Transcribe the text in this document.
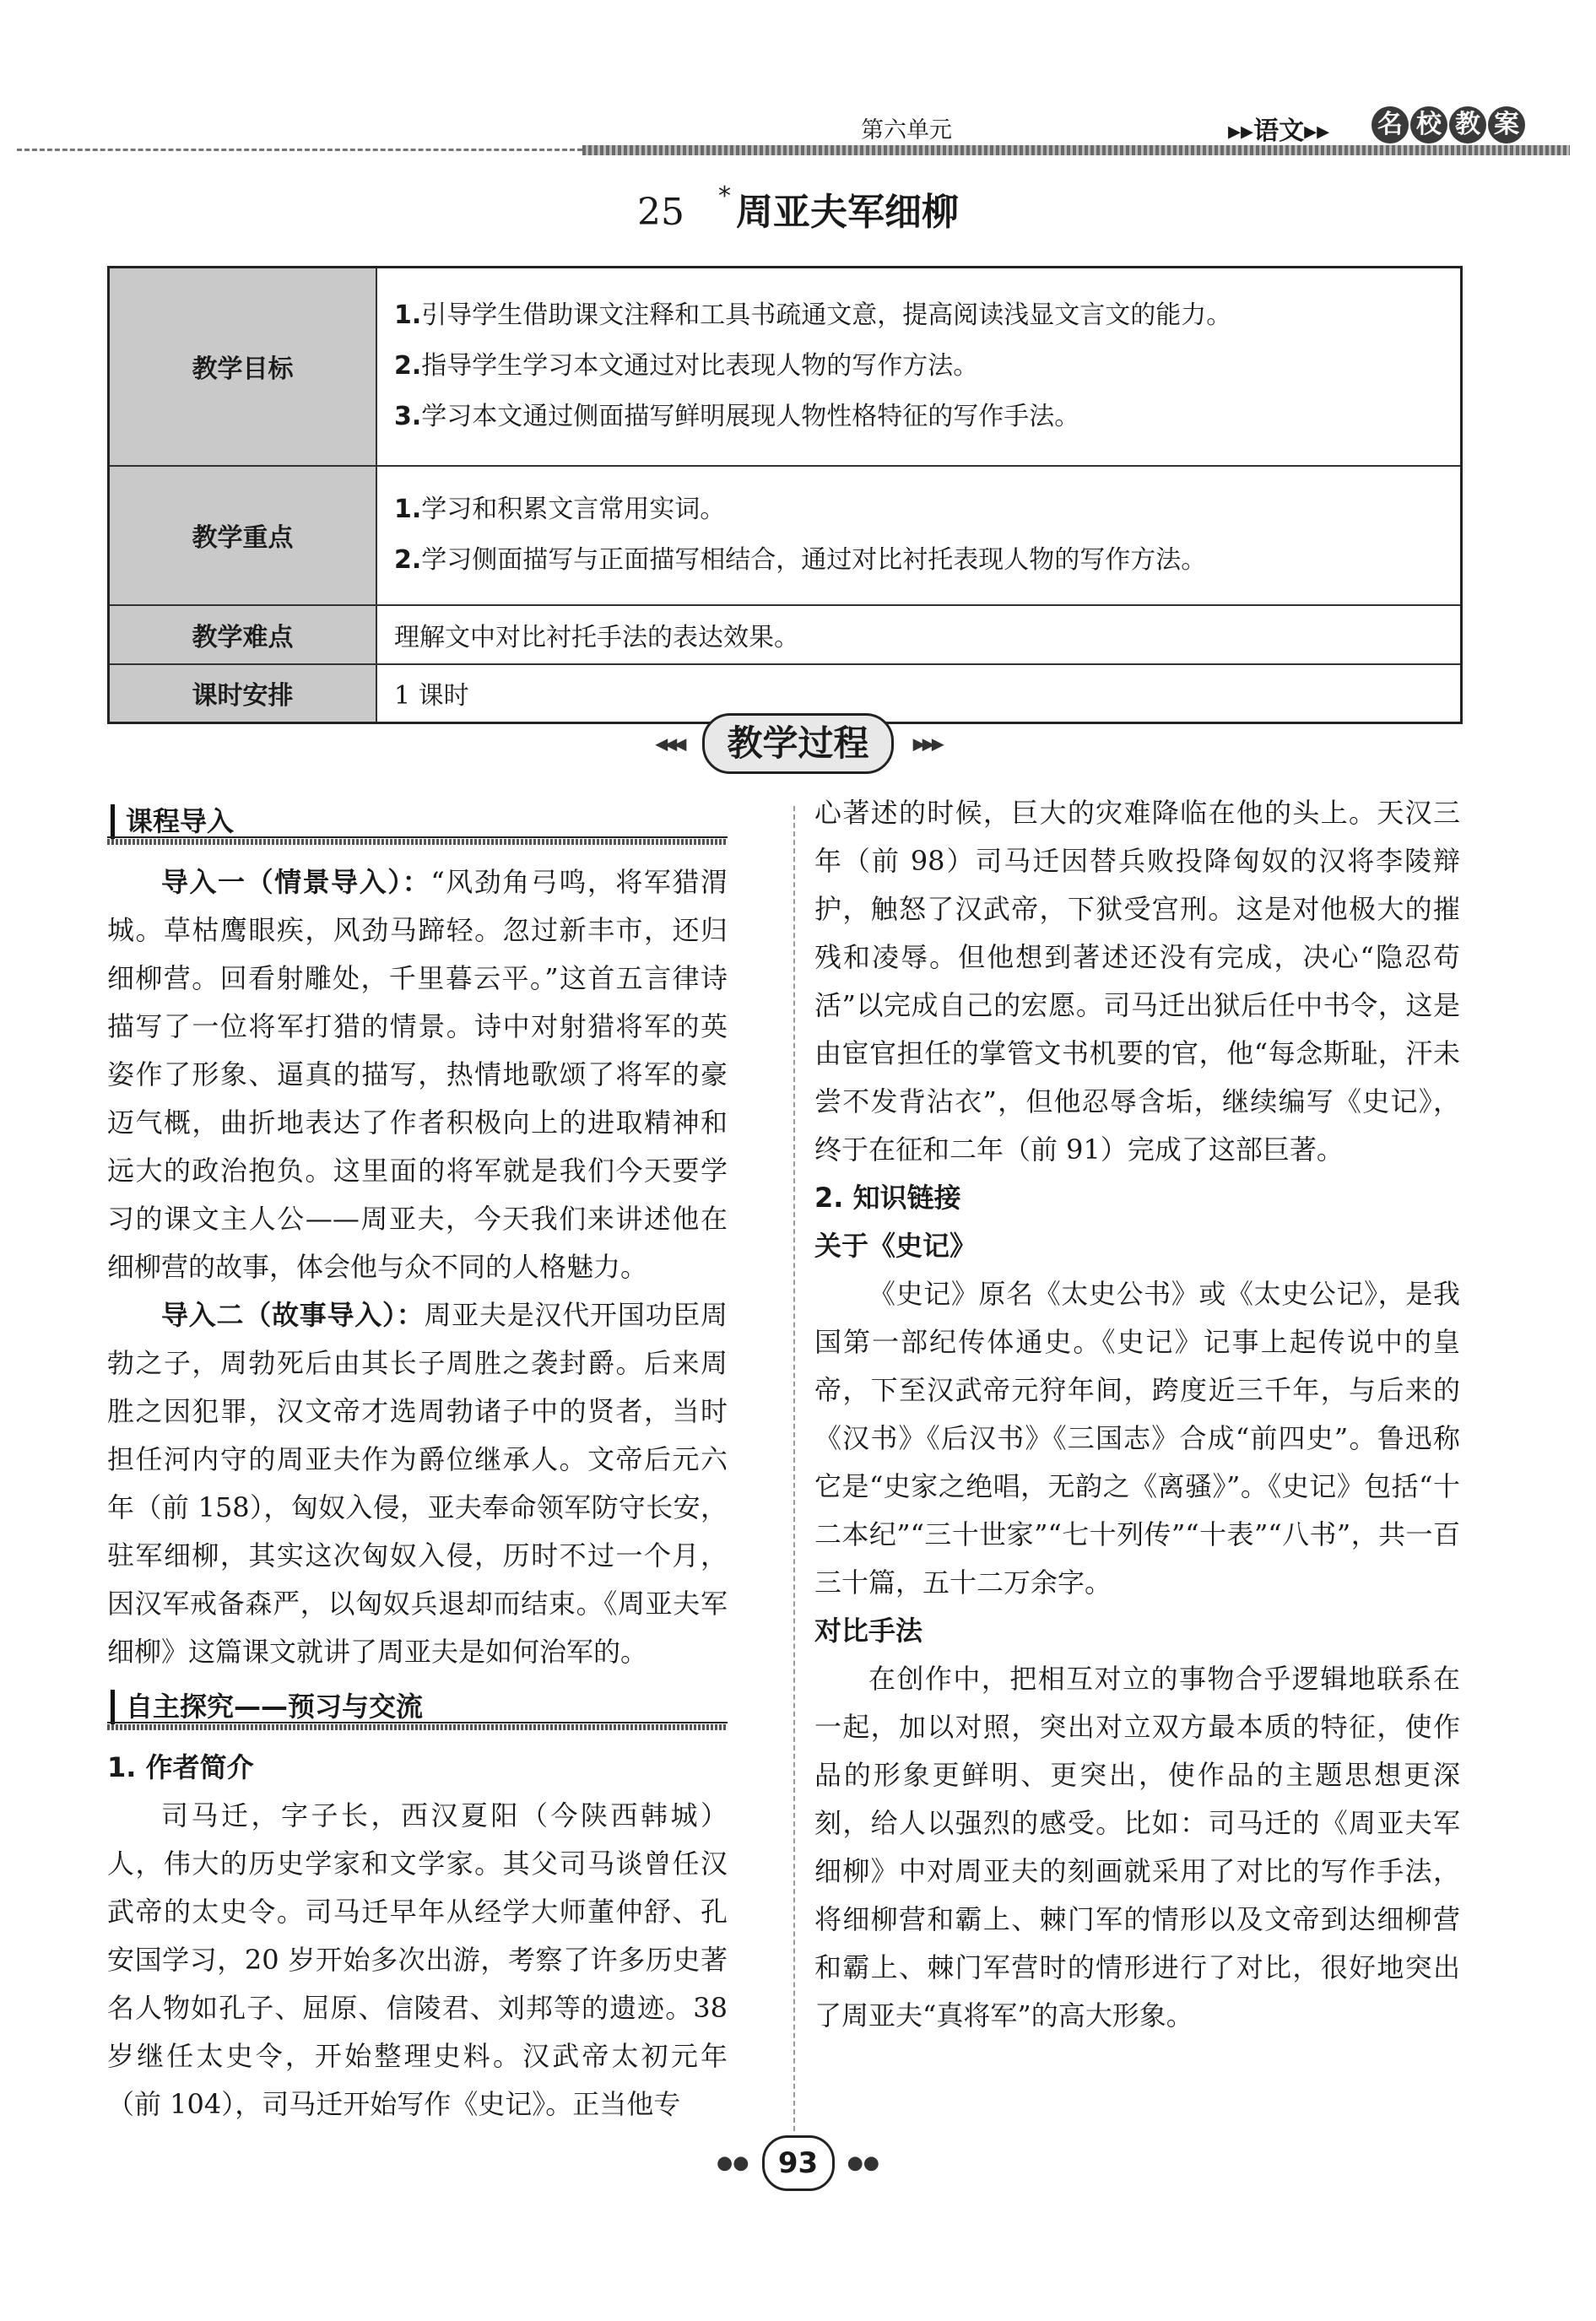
第六单元	▸▸语文▸▸ 名 校 教 案
25 * 周亚夫军细柳
教学目标	1.引导学生借助课文注释和工具书疏通文意，提高阅读浅显文言文的能力。
2.指导学生学习本文通过对比表现人物的写作方法。
3.学习本文通过侧面描写鲜明展现人物性格特征的写作手法。

教学重点	1.学习和积累文言常用实词。
2.学习侧面描写与正面描写相结合，通过对比衬托表现人物的写作方法。

教学难点	理解文中对比衬托手法的表达效果。
课时安排	1 课时
◂◂◂ 教学过程 ▸▸▸
课程导入

导入一（情景导入）：“风劲角弓鸣，将军猎渭城。草枯鹰眼疾，风劲马蹄轻。忽过新丰市，还归细柳营。回看射雕处，千里暮云平。”这首五言律诗描写了一位将军打猎的情景。诗中对射猎将军的英姿作了形象、逼真的描写，热情地歌颂了将军的豪迈气概，曲折地表达了作者积极向上的进取精神和远大的政治抱负。这里面的将军就是我们今天要学习的课文主人公——周亚夫，今天我们来讲述他在细柳营的故事，体会他与众不同的人格魅力。

导入二（故事导入）：周亚夫是汉代开国功臣周勃之子，周勃死后由其长子周胜之袭封爵。后来周胜之因犯罪，汉文帝才选周勃诸子中的贤者，当时担任河内守的周亚夫作为爵位继承人。文帝后元六年（前 158），匈奴入侵，亚夫奉命领军防守长安，驻军细柳，其实这次匈奴入侵，历时不过一个月，因汉军戒备森严，以匈奴兵退却而结束。《周亚夫军细柳》这篇课文就讲了周亚夫是如何治军的。

自主探究——预习与交流

1. 作者简介

司马迁，字子长，西汉夏阳（今陕西韩城）人，伟大的历史学家和文学家。其父司马谈曾任汉武帝的太史令。司马迁早年从经学大师董仲舒、孔安国学习，20 岁开始多次出游，考察了许多历史著名人物如孔子、屈原、信陵君、刘邦等的遗迹。38 岁继任太史令，开始整理史料。汉武帝太初元年（前 104），司马迁开始写作《史记》。正当他专

心著述的时候，巨大的灾难降临在他的头上。天汉三年（前 98）司马迁因替兵败投降匈奴的汉将李陵辩护，触怒了汉武帝，下狱受宫刑。这是对他极大的摧残和凌辱。但他想到著述还没有完成，决心“隐忍苟活”以完成自己的宏愿。司马迁出狱后任中书令，这是由宦官担任的掌管文书机要的官，他“每念斯耻，汗未尝不发背沾衣”，但他忍辱含垢，继续编写《史记》，终于在征和二年（前 91）完成了这部巨著。

2. 知识链接

关于《史记》

《史记》原名《太史公书》或《太史公记》，是我国第一部纪传体通史。《史记》记事上起传说中的皇帝，下至汉武帝元狩年间，跨度近三千年，与后来的《汉书》《后汉书》《三国志》合成“前四史”。鲁迅称它是“史家之绝唱，无韵之《离骚》”。《史记》包括“十二本纪”“三十世家”“七十列传”“十表”“八书”，共一百三十篇，五十二万余字。

对比手法

在创作中，把相互对立的事物合乎逻辑地联系在一起，加以对照，突出对立双方最本质的特征，使作品的形象更鲜明、更突出，使作品的主题思想更深刻，给人以强烈的感受。比如：司马迁的《周亚夫军细柳》中对周亚夫的刻画就采用了对比的写作手法，将细柳营和霸上、棘门军的情形以及文帝到达细柳营和霸上、棘门军营时的情形进行了对比，很好地突出了周亚夫“真将军”的高大形象。

●● 93 ●●
